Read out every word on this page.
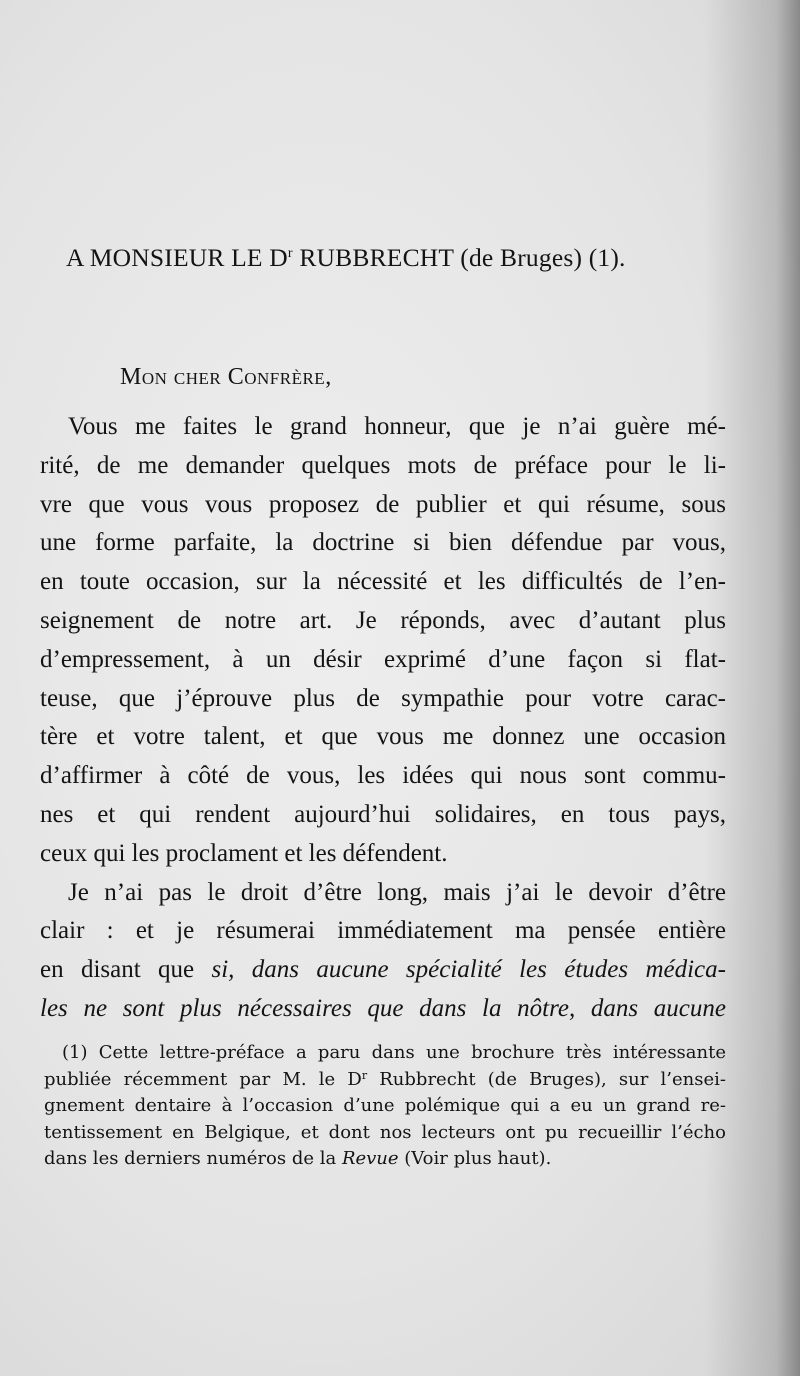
A MONSIEUR LE $D^r$ RUBBRECHT (de Bruges) (1).
Mon cher Confrère,
Vous me faites le grand honneur, que je n’ai guère mé-
rité, de me demander quelques mots de préface pour le li-
vre que vous vous proposez de publier et qui résume, sous
une forme parfaite, la doctrine si bien défendue par vous,
en toute occasion, sur la nécessité et les difficultés de l’en-
seignement de notre art. Je réponds, avec d’autant plus
d’empressement, à un désir exprimé d’une façon si flat-
teuse, que j’éprouve plus de sympathie pour votre carac-
tère et votre talent, et que vous me donnez une occasion
d’affirmer à côté de vous, les idées qui nous sont commu-
nes et qui rendent aujourd’hui solidaires, en tous pays,
ceux qui les proclament et les défendent.
Je n’ai pas le droit d’être long, mais j’ai le devoir d’être
clair : et je résumerai immédiatement ma pensée entière
en disant que si, dans aucune spécialité les études médica-
les ne sont plus nécessaires que dans la nôtre, dans aucune
(1) Cette lettre-préface a paru dans une brochure très intéressante
publiée récemment par M. le $D^r$ Rubbrecht (de Bruges), sur l’ensei-
gnement dentaire à l’occasion d’une polémique qui a eu un grand re-
tentissement en Belgique, et dont nos lecteurs ont pu recueillir l’écho
dans les derniers numéros de la Revue (Voir plus haut).
